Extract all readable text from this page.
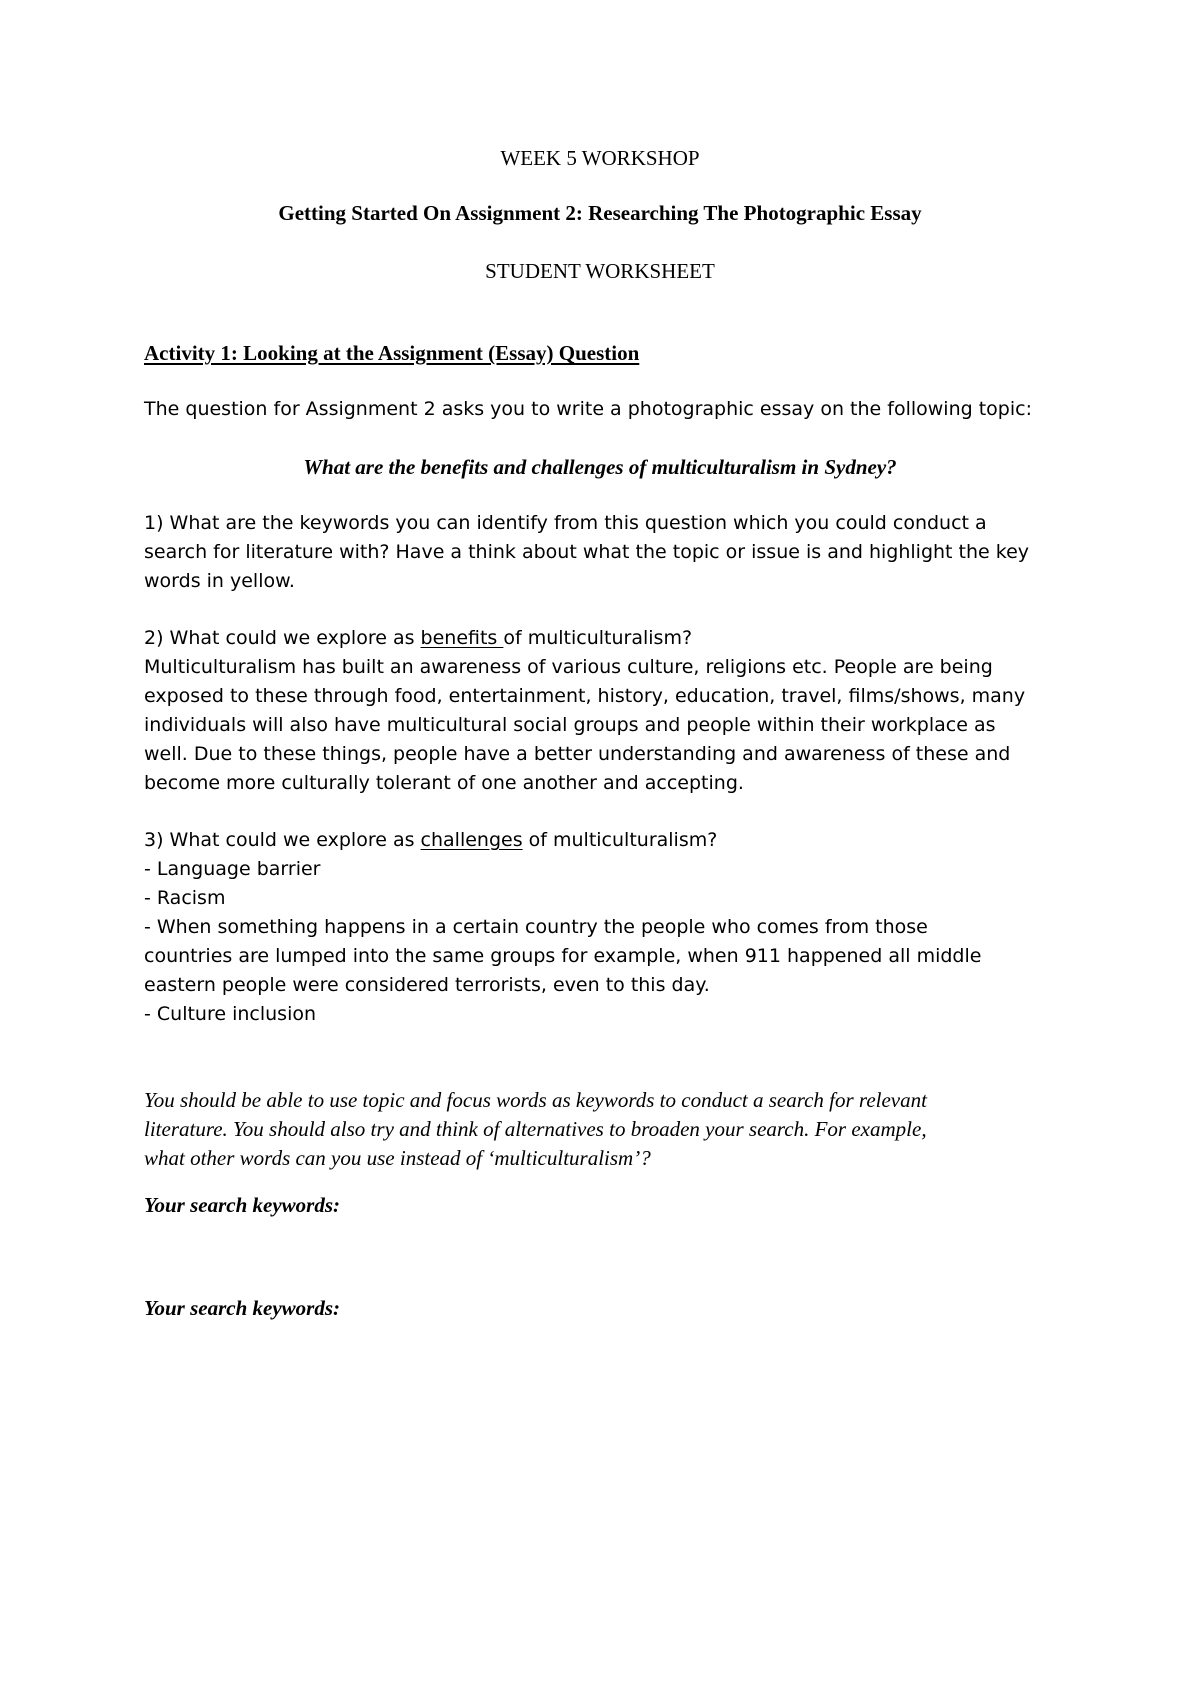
WEEK 5 WORKSHOP
Getting Started On Assignment 2: Researching The Photographic Essay
STUDENT WORKSHEET
Activity 1: Looking at the Assignment (Essay) Question
The question for Assignment 2 asks you to write a photographic essay on the following topic:
What are the benefits and challenges of multiculturalism in Sydney?
1) What are the keywords you can identify from this question which you could conduct a
search for literature with? Have a think about what the topic or issue is and highlight the key
words in yellow.
2) What could we explore as benefits of multiculturalism?
Multiculturalism has built an awareness of various culture, religions etc. People are being
exposed to these through food, entertainment, history, education, travel, films/shows, many
individuals will also have multicultural social groups and people within their workplace as
well. Due to these things, people have a better understanding and awareness of these and
become more culturally tolerant of one another and accepting.
3) What could we explore as challenges of multiculturalism?
- Language barrier
- Racism
- When something happens in a certain country the people who comes from those
countries are lumped into the same groups for example, when 911 happened all middle
eastern people were considered terrorists, even to this day.
- Culture inclusion
You should be able to use topic and focus words as keywords to conduct a search for relevant
literature. You should also try and think of alternatives to broaden your search. For example,
what other words can you use instead of ‘multiculturalism’?
Your search keywords:
Your search keywords:
